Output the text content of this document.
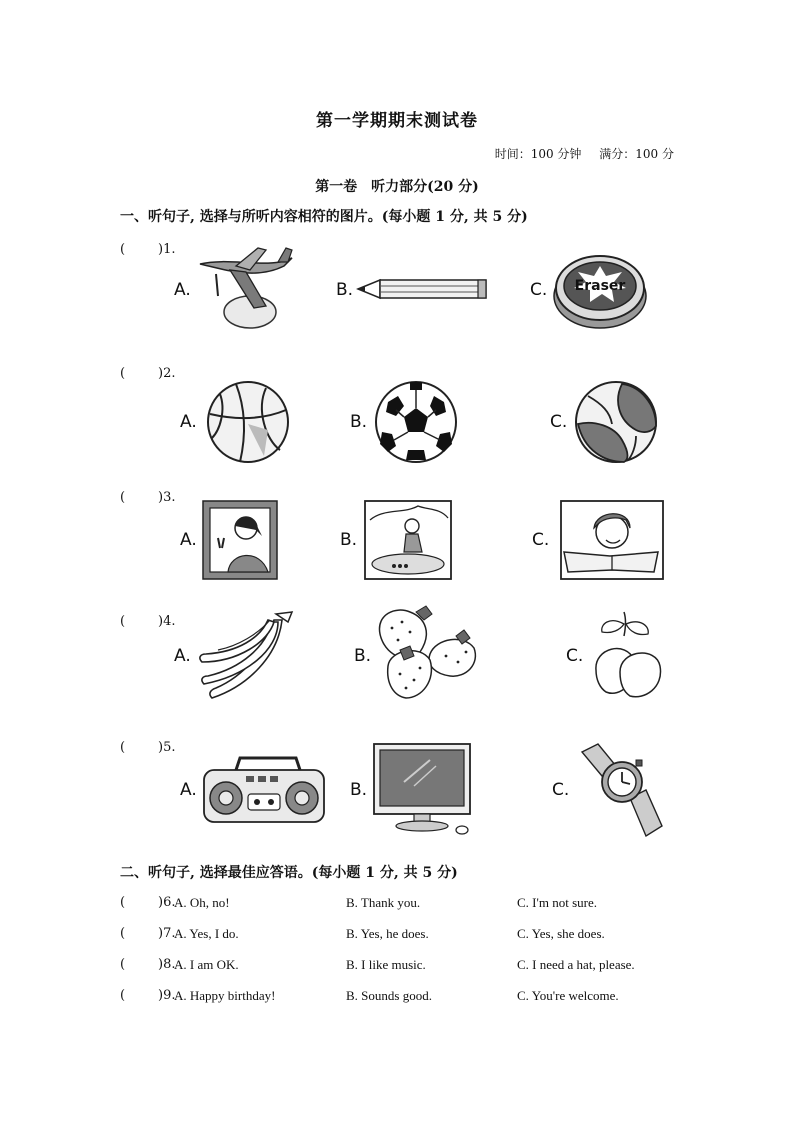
第一学期期末测试卷
时间：100 分钟 满分：100 分
第一卷　听力部分(20 分)
一、听句子, 选择与所听内容相符的图片。(每小题 1 分, 共 5 分)
(	)1.
A.	B.	C. Eraser
(	)2.
A.	B.	C.
(	)3.
A.	B.	C.
(	)4.
A.	B.	C.
(	)5.
A.	B.	C.
二、听句子, 选择最佳应答语。(每小题 1 分, 共 5 分)
(	)6.
A. Oh, no!	B. Thank you.	C. I'm not sure.
(	)7.
A. Yes, I do.	B. Yes, he does.	C. Yes, she does.
(	)8.
A. I am OK.	B. I like music.	C. I need a hat, please.
(	)9.
A. Happy birthday!	B. Sounds good.	C. You're welcome.
